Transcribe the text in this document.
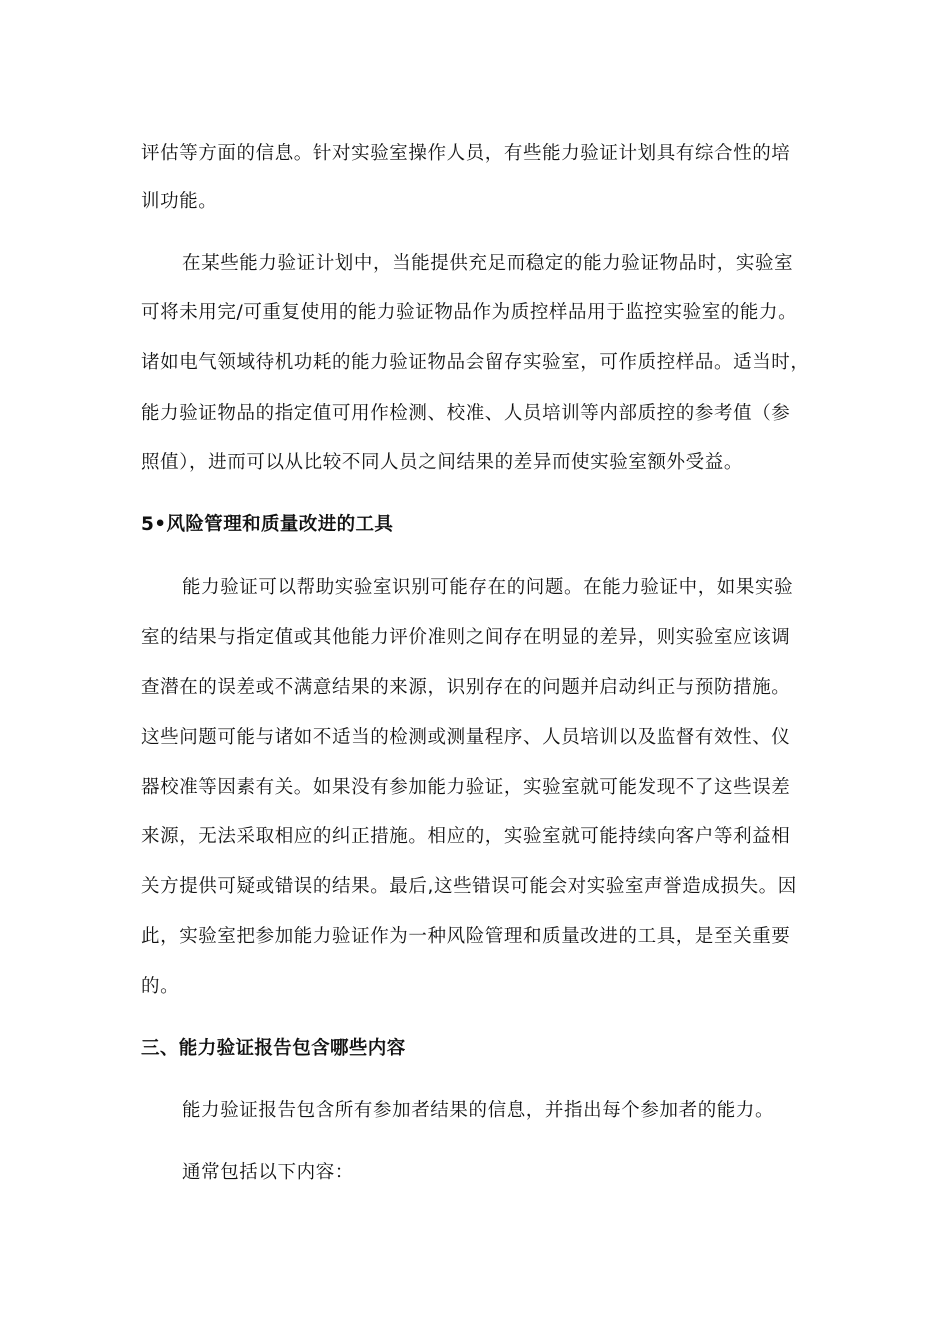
评估等方面的信息。针对实验室操作人员，有些能力验证计划具有综合性的培
训功能。
在某些能力验证计划中，当能提供充足而稳定的能力验证物品时，实验室
可将未用完/可重复使用的能力验证物品作为质控样品用于监控实验室的能力。
诸如电气领域待机功耗的能力验证物品会留存实验室，可作质控样品。适当时，
能力验证物品的指定值可用作检测、校准、人员培训等内部质控的参考值（参
照值），进而可以从比较不同人员之间结果的差异而使实验室额外受益。
5•风险管理和质量改进的工具
能力验证可以帮助实验室识别可能存在的问题。在能力验证中，如果实验
室的结果与指定值或其他能力评价准则之间存在明显的差异，则实验室应该调
查潜在的误差或不满意结果的来源，识别存在的问题并启动纠正与预防措施。
这些问题可能与诸如不适当的检测或测量程序、人员培训以及监督有效性、仪
器校准等因素有关。如果没有参加能力验证，实验室就可能发现不了这些误差
来源，无法采取相应的纠正措施。相应的，实验室就可能持续向客户等利益相
关方提供可疑或错误的结果。最后,这些错误可能会对实验室声誉造成损失。因
此，实验室把参加能力验证作为一种风险管理和质量改进的工具，是至关重要
的。
三、能力验证报告包含哪些内容
能力验证报告包含所有参加者结果的信息，并指出每个参加者的能力。
通常包括以下内容：
